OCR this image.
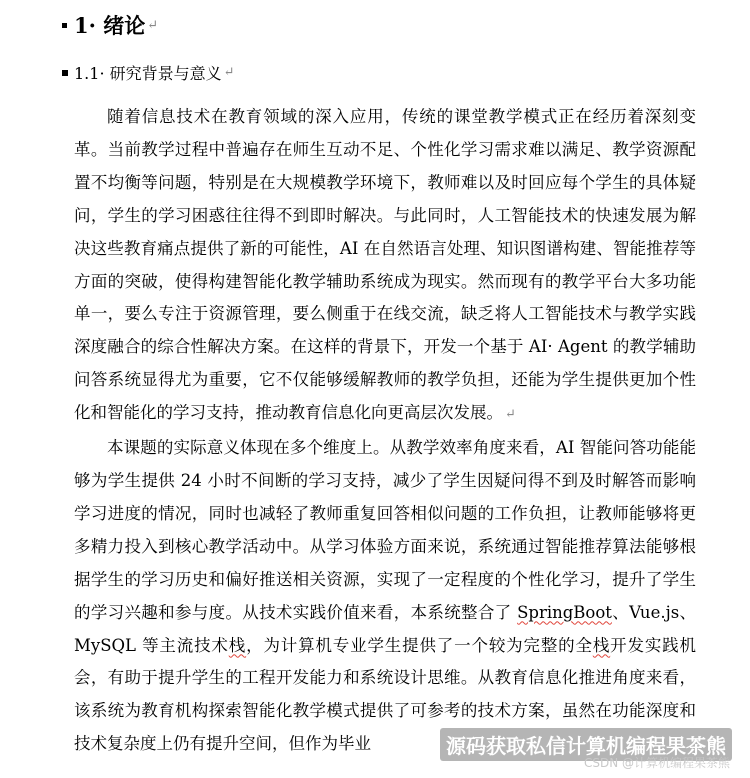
1· 绪论 ↵
1.1· 研究背景与意义 ↵

随着信息技术在教育领域的深入应用，传统的课堂教学模式正在经历着深刻变革。当前教学过程中普遍存在师生互动不足、个性化学习需求难以满足、教学资源配置不均衡等问题，特别是在大规模教学环境下，教师难以及时回应每个学生的具体疑问，学生的学习困惑往往得不到即时解决。与此同时，人工智能技术的快速发展为解决这些教育痛点提供了新的可能性，AI 在自然语言处理、知识图谱构建、智能推荐等方面的突破，使得构建智能化教学辅助系统成为现实。然而现有的教学平台大多功能单一，要么专注于资源管理，要么侧重于在线交流，缺乏将人工智能技术与教学实践深度融合的综合性解决方案。在这样的背景下，开发一个基于 AI· Agent 的教学辅助问答系统显得尤为重要，它不仅能够缓解教师的教学负担，还能为学生提供更加个性化和智能化的学习支持，推动教育信息化向更高层次发展。 ↵

本课题的实际意义体现在多个维度上。从教学效率角度来看，AI 智能问答功能能够为学生提供 24 小时不间断的学习支持，减少了学生因疑问得不到及时解答而影响学习进度的情况，同时也减轻了教师重复回答相似问题的工作负担，让教师能够将更多精力投入到核心教学活动中。从学习体验方面来说，系统通过智能推荐算法能够根据学生的学习历史和偏好推送相关资源，实现了一定程度的个性化学习，提升了学生的学习兴趣和参与度。从技术实践价值来看，本系统整合了 SpringBoot、Vue.js、MySQL 等主流技术栈，为计算机专业学生提供了一个较为完整的全栈开发实践机会，有助于提升学生的工程开发能力和系统设计思维。从教育信息化推进角度来看，该系统为教育机构探索智能化教学模式提供了可参考的技术方案，虽然在功能深度和技术复杂度上仍有提升空间，但作为毕业	源码获取私信计算机编程果茶熊
CSDN @计算机编程果茶熊
